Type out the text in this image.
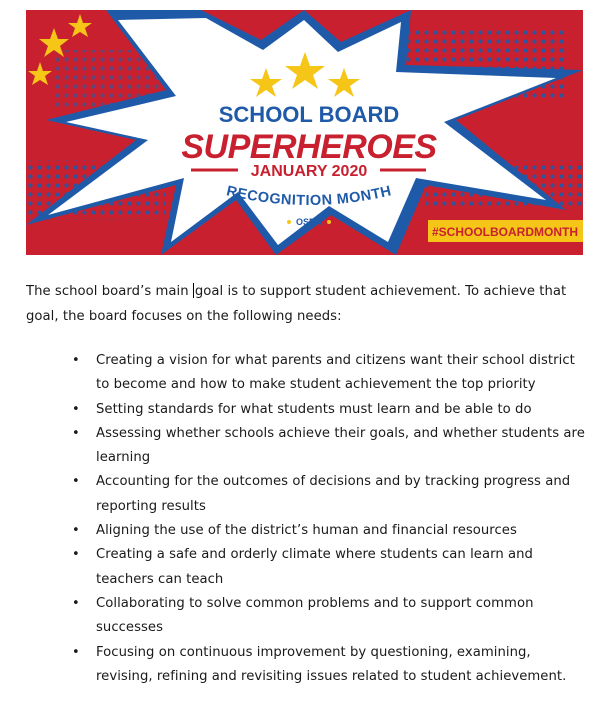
SCHOOL BOARD
SUPERHEROES
JANUARY 2020
RECOGNITION MONTH
OSBA
#SCHOOLBOARDMONTH

The school board’s main goal is to support student achievement. To achieve that goal, the board focuses on the following needs:

• Creating a vision for what parents and citizens want their school district to become and how to make student achievement the top priority
• Setting standards for what students must learn and be able to do
• Assessing whether schools achieve their goals, and whether students are learning
• Accounting for the outcomes of decisions and by tracking progress and reporting results
• Aligning the use of the district’s human and financial resources
• Creating a safe and orderly climate where students can learn and teachers can teach
• Collaborating to solve common problems and to support common successes
• Focusing on continuous improvement by questioning, examining, revising, refining and revisiting issues related to student achievement.
